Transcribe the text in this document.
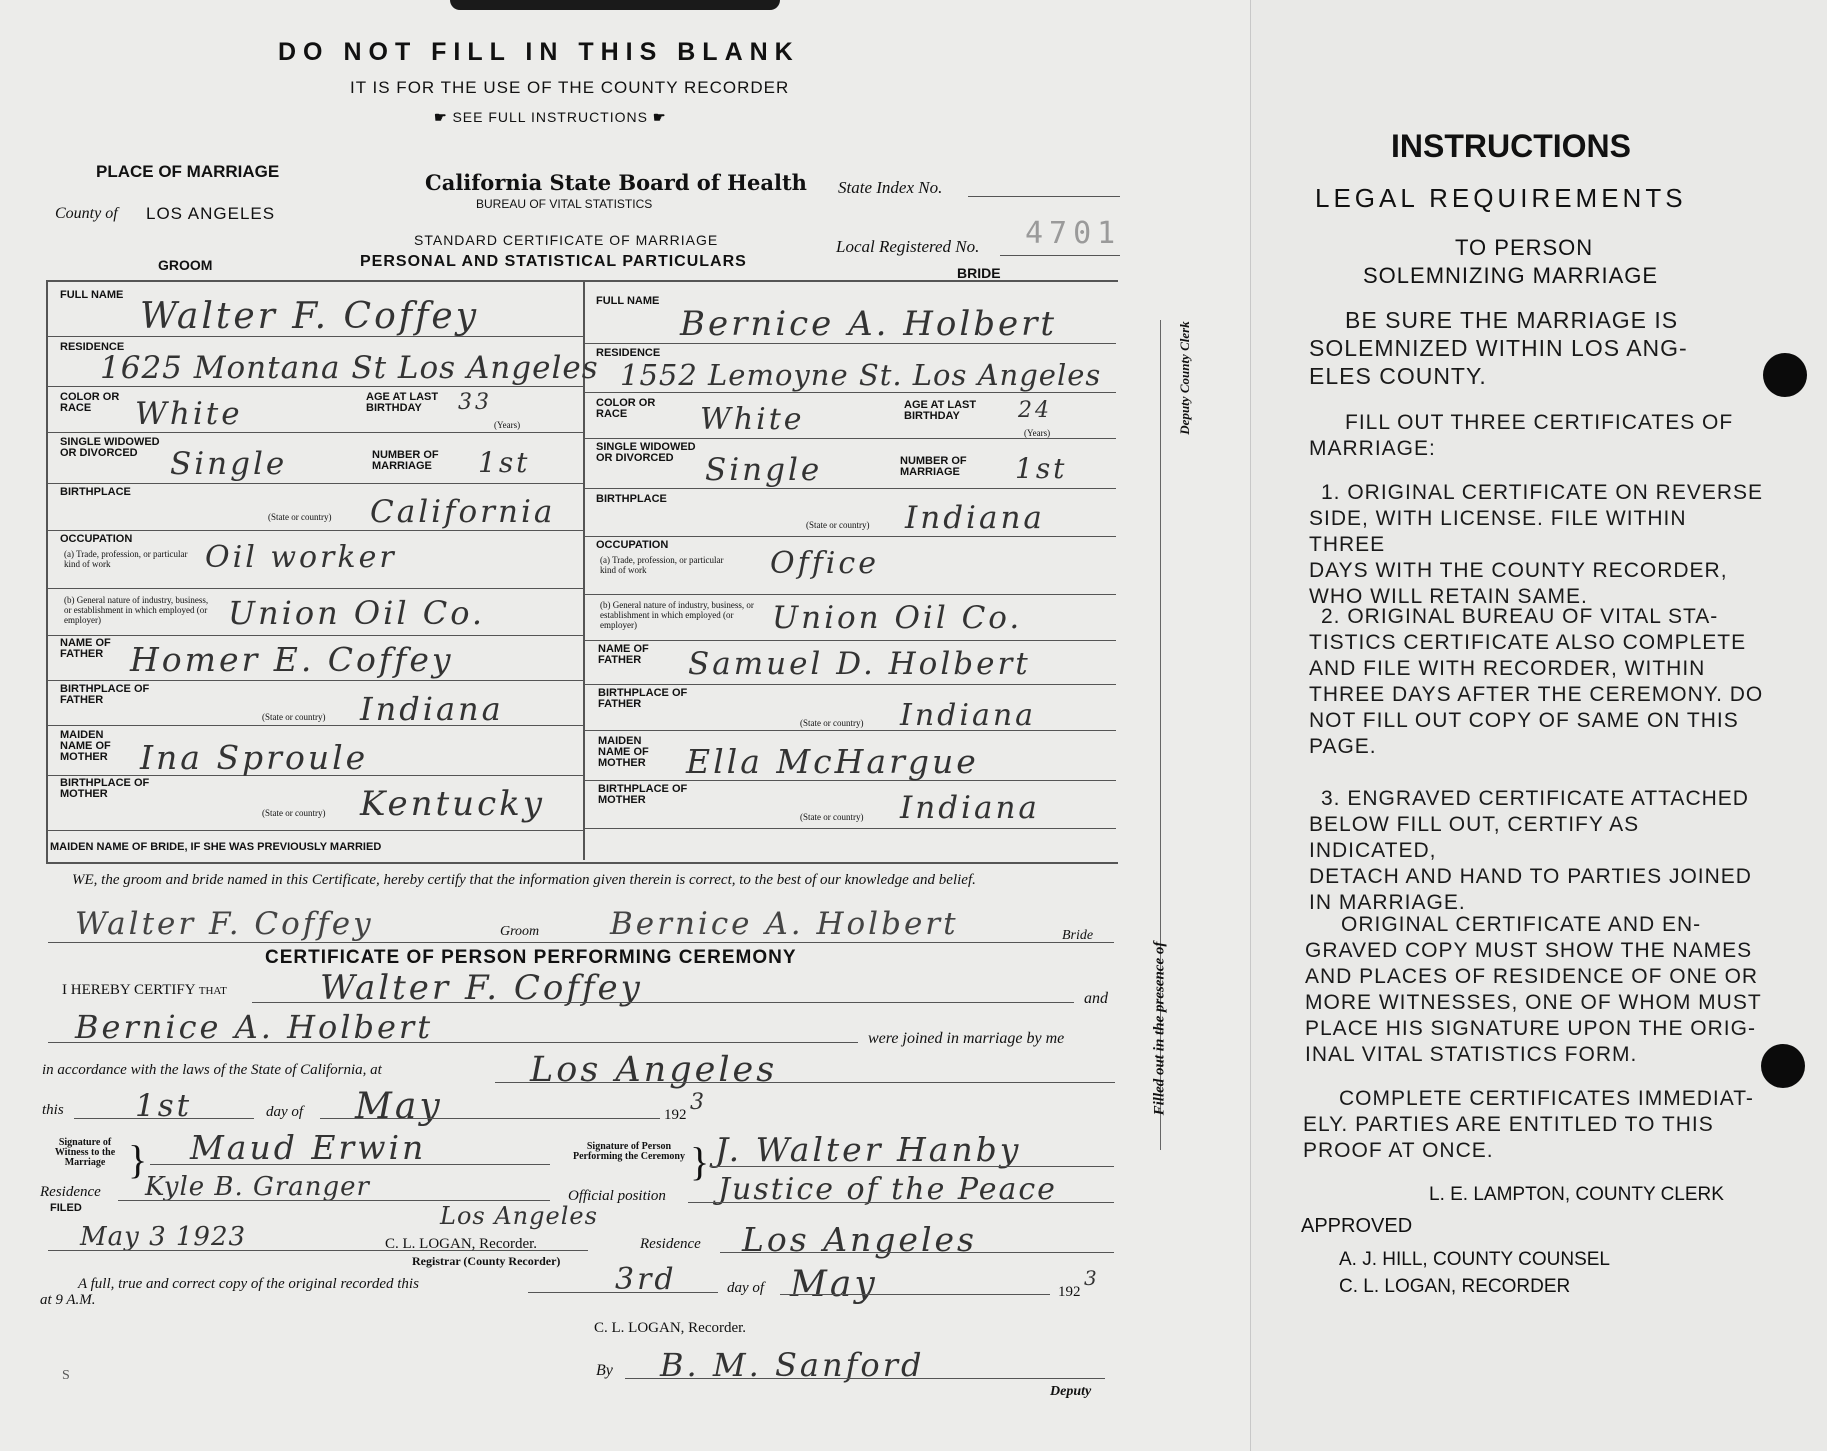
DO NOT FILL IN THIS BLANK
IT IS FOR THE USE OF THE COUNTY RECORDER
☛ SEE FULL INSTRUCTIONS ☛
PLACE OF MARRIAGE
County of LOS ANGELES
GROOM
California State Board of Health
BUREAU OF VITAL STATISTICS
STANDARD CERTIFICATE OF MARRIAGE
PERSONAL AND STATISTICAL PARTICULARS
State Index No.
Local Registered No. 4701
BRIDE
FULL NAME
Walter F. Coffey
RESIDENCE
1625 Montana St Los Angeles
COLOR OR RACE	White	AGE AT LAST BIRTHDAY	33
(Years)
SINGLE WIDOWED OR DIVORCED	Single	NUMBER OF MARRIAGE	1st
BIRTHPLACE
(State or country) California
OCCUPATION
(a) Trade, profession, or particular kind of work	Oil worker
(b) General nature of industry, business, or establishment in which employed (or employer)	Union Oil Co.
NAME OF FATHER Homer E. Coffey
BIRTHPLACE OF FATHER
(State or country) Indiana
MAIDEN NAME OF MOTHER Ina Sproule
BIRTHPLACE OF MOTHER
(State or country) Kentucky
FULL NAME
Bernice A. Holbert
RESIDENCE
1552 Lemoyne St. Los Angeles
COLOR OR RACE	White	AGE AT LAST BIRTHDAY	24
(Years)
SINGLE WIDOWED OR DIVORCED	Single	NUMBER OF MARRIAGE	1st
BIRTHPLACE
(State or country) Indiana
OCCUPATION
(a) Trade, profession, or particular kind of work	Office
(b) General nature of industry, business, or establishment in which employed (or employer)	Union Oil Co.
NAME OF FATHER	Samuel D. Holbert
BIRTHPLACE OF FATHER
(State or country) Indiana
MAIDEN NAME OF MOTHER	Ella McHargue
BIRTHPLACE OF MOTHER
(State or country) Indiana
MAIDEN NAME OF BRIDE, IF SHE WAS PREVIOUSLY MARRIED
WE, the groom and bride named in this Certificate, hereby certify that the information given therein is correct, to the best of our knowledge and belief.
Walter F. Coffey	Groom Bernice A. Holbert	Bride
CERTIFICATE OF PERSON PERFORMING CEREMONY
I HEREBY CERTIFY that	Walter F. Coffey	and
Bernice A. Holbert	were joined in marriage by me
in accordance with the laws of the State of California, at	Los Angeles
this 1st	day of May	192 3
Signature of Witness to the Marriage } Maud Erwin	Signature of Person Performing the Ceremony } J. Walter Hanby
Residence Kyle B. Granger	Official position Justice of the Peace
FILED
May 3 1923
Los Angeles
C. L. LOGAN, Recorder.
Registrar (County Recorder)
Residence Los Angeles
A full, true and correct copy of the original recorded this
at 9 A.M.
3rd	day of May	192
3
C. L. LOGAN, Recorder.
By B. M. Sanford
Deputy
S
Deputy County Clerk
Filled out in the presence of
INSTRUCTIONS
LEGAL REQUIREMENTS
TO PERSON
SOLEMNIZING MARRIAGE
BE SURE THE MARRIAGE IS
SOLEMNIZED WITHIN LOS ANG-
ELES COUNTY.
FILL OUT THREE CERTIFICATES OF
MARRIAGE:
1. ORIGINAL CERTIFICATE ON REVERSE
SIDE, WITH LICENSE. FILE WITHIN THREE
DAYS WITH THE COUNTY RECORDER,
WHO WILL RETAIN SAME.
2. ORIGINAL BUREAU OF VITAL STA-
TISTICS CERTIFICATE ALSO COMPLETE
AND FILE WITH RECORDER, WITHIN
THREE DAYS AFTER THE CEREMONY. DO
NOT FILL OUT COPY OF SAME ON THIS
PAGE.
3. ENGRAVED CERTIFICATE ATTACHED
BELOW FILL OUT, CERTIFY AS INDICATED,
DETACH AND HAND TO PARTIES JOINED
IN MARRIAGE.
ORIGINAL CERTIFICATE AND EN-
GRAVED COPY MUST SHOW THE NAMES
AND PLACES OF RESIDENCE OF ONE OR
MORE WITNESSES, ONE OF WHOM MUST
PLACE HIS SIGNATURE UPON THE ORIG-
INAL VITAL STATISTICS FORM.
COMPLETE CERTIFICATES IMMEDIAT-
ELY. PARTIES ARE ENTITLED TO THIS
PROOF AT ONCE.
L. E. LAMPTON, COUNTY CLERK
APPROVED
A. J. HILL, COUNTY COUNSEL
C. L. LOGAN, RECORDER
